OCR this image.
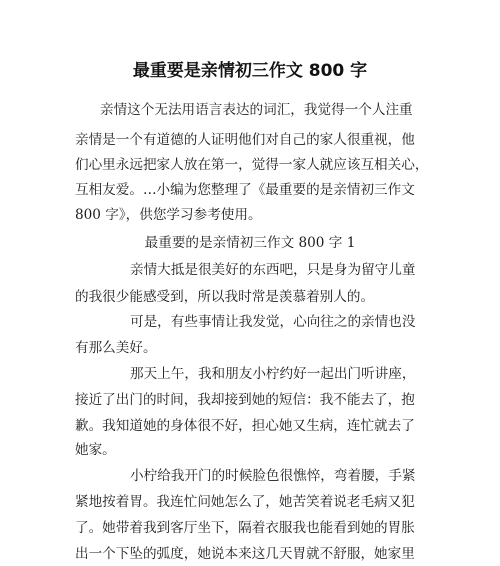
最重要是亲情初三作文 800 字
亲情这个无法用语言表达的词汇，我觉得一个人注重
亲情是一个有道德的人证明他们对自己的家人很重视，他
们心里永远把家人放在第一，觉得一家人就应该互相关心，
互相友爱。…小编为您整理了《最重要的是亲情初三作文
800 字》，供您学习参考使用。
最重要的是亲情初三作文 800 字 1
亲情大抵是很美好的东西吧，只是身为留守儿童
的我很少能感受到，所以我时常是羡慕着别人的。
可是，有些事情让我发觉，心向往之的亲情也没
有那么美好。
那天上午，我和朋友小柠约好一起出门听讲座，
接近了出门的时间，我却接到她的短信：我不能去了，抱
歉。我知道她的身体很不好，担心她又生病，连忙就去了
她家。
小柠给我开门的时候脸色很憔悴，弯着腰，手紧
紧地按着胃。我连忙问她怎么了，她苦笑着说老毛病又犯
了。她带着我到客厅坐下，隔着衣服我也能看到她的胃胀
出一个下坠的弧度，她说本来这几天胃就不舒服，她家里
